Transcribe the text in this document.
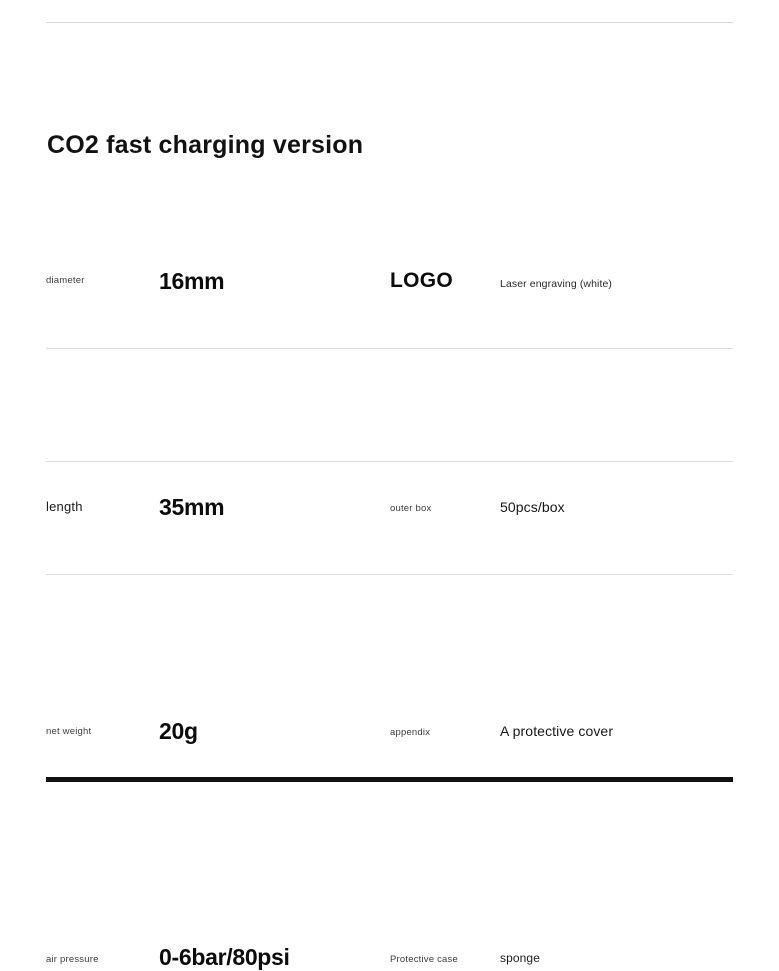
CO2 fast charging version
diameter	16mm	LOGO	Laser engraving (white)
length	35mm	outer box	50pcs/box
net weight	20g	appendix	A protective cover
air pressure	0-6bar/80psi	Protective case	sponge
